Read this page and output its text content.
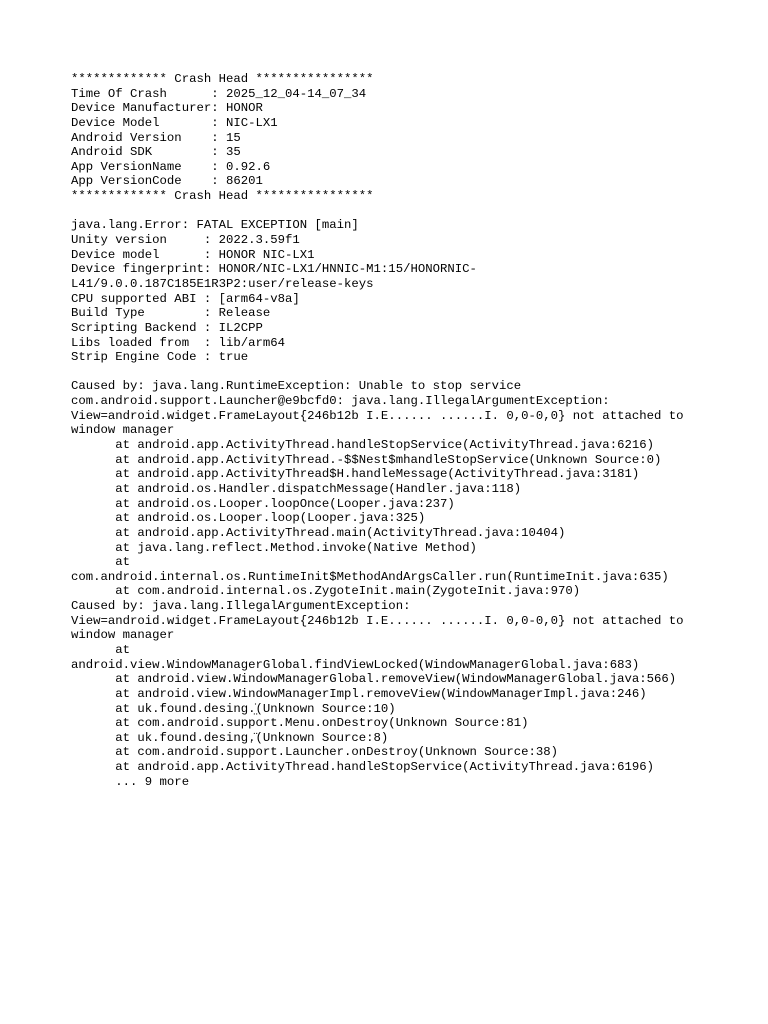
************* Crash Head ****************
Time Of Crash      : 2025_12_04-14_07_34
Device Manufacturer: HONOR
Device Model       : NIC-LX1
Android Version    : 15
Android SDK        : 35
App VersionName    : 0.92.6
App VersionCode    : 86201
************* Crash Head ****************
java.lang.Error: FATAL EXCEPTION [main]
Unity version     : 2022.3.59f1
Device model      : HONOR NIC-LX1
Device fingerprint: HONOR/NIC-LX1/HNNIC-M1:15/HONORNIC-
L41/9.0.0.187C185E1R3P2:user/release-keys
CPU supported ABI : [arm64-v8a]
Build Type        : Release
Scripting Backend : IL2CPP
Libs loaded from  : lib/arm64
Strip Engine Code : true
Caused by: java.lang.RuntimeException: Unable to stop service
com.android.support.Launcher@e9bcfd0: java.lang.IllegalArgumentException:
View=android.widget.FrameLayout{246b12b I.E...... ......I. 0,0-0,0} not attached to
window manager
at android.app.ActivityThread.handleStopService(ActivityThread.java:6216)
at android.app.ActivityThread.-$$Nest$mhandleStopService(Unknown Source:0)
at android.app.ActivityThread$H.handleMessage(ActivityThread.java:3181)
at android.os.Handler.dispatchMessage(Handler.java:118)
at android.os.Looper.loopOnce(Looper.java:237)
at android.os.Looper.loop(Looper.java:325)
at android.app.ActivityThread.main(ActivityThread.java:10404)
at java.lang.reflect.Method.invoke(Native Method)
at
com.android.internal.os.RuntimeInit$MethodAndArgsCaller.run(RuntimeInit.java:635)
at com.android.internal.os.ZygoteInit.main(ZygoteInit.java:970)
Caused by: java.lang.IllegalArgumentException:
View=android.widget.FrameLayout{246b12b I.E...... ......I. 0,0-0,0} not attached to
window manager
at
android.view.WindowManagerGlobal.findViewLocked(WindowManagerGlobal.java:683)
at android.view.WindowManagerGlobal.removeView(WindowManagerGlobal.java:566)
at android.view.WindowManagerImpl.removeView(WindowManagerImpl.java:246)
at uk.found.desing.̤̇(Unknown Source:10)
at com.android.support.Menu.onDestroy(Unknown Source:81)
at uk.found.desing.̣̈(Unknown Source:8)
at com.android.support.Launcher.onDestroy(Unknown Source:38)
at android.app.ActivityThread.handleStopService(ActivityThread.java:6196)
... 9 more
